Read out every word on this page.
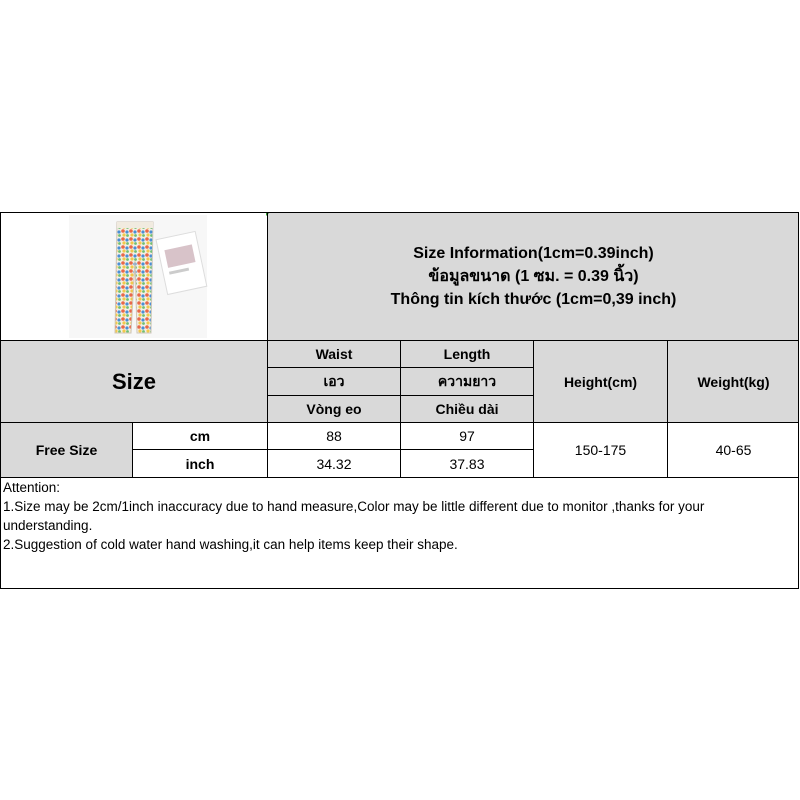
Size Information(1cm=0.39inch)
ข้อมูลขนาด (1 ซม. = 0.39 นิ้ว)
Thông tin kích thước (1cm=0,39 inch)
Size
Waist
เอว
Vòng eo
Length
ความยาว
Chiều dài
Height(cm)	Weight(kg)
Free Size
cm
inch
88
34.32
97
37.83
150-175	40-65
Attention:
1.Size may be 2cm/1inch inaccuracy due to hand measure,Color may be little different due to monitor ,thanks for your understanding.
2.Suggestion of cold water hand washing,it can help items keep their shape.
